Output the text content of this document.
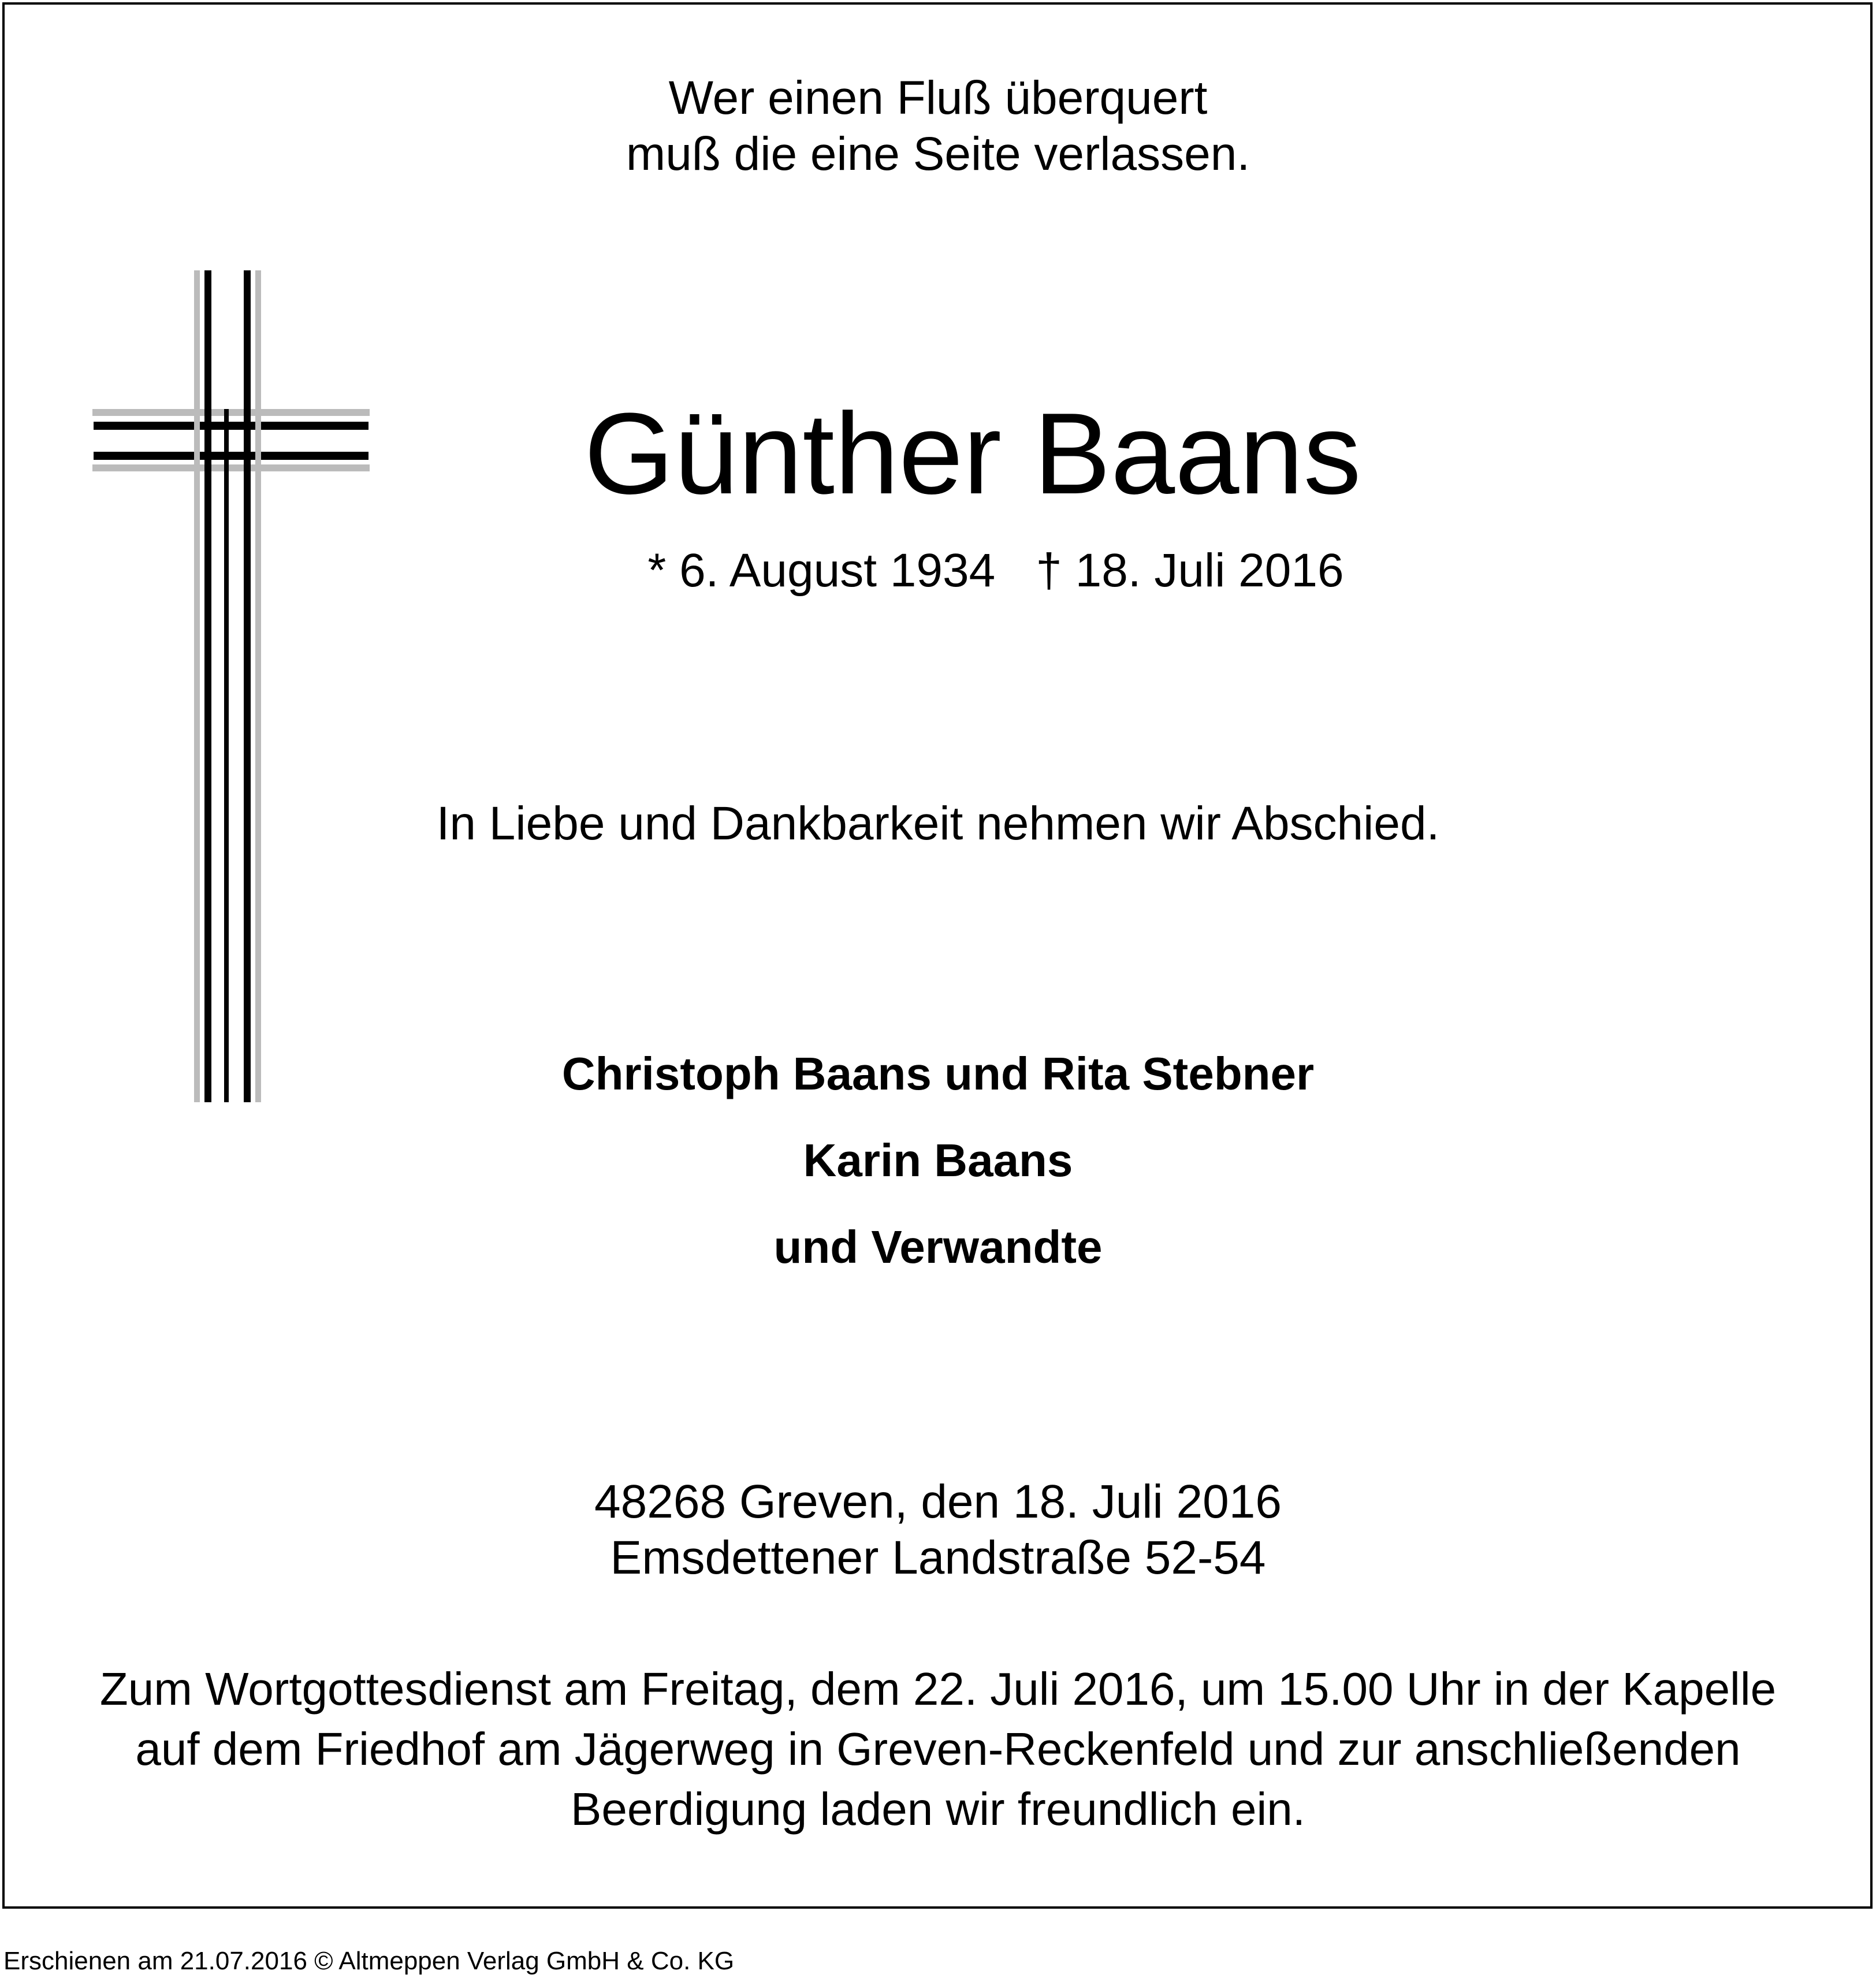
Wer einen Fluß überquert
muß die eine Seite verlassen.
Günther Baans
* 6. August 1934 † 18. Juli 2016
In Liebe und Dankbarkeit nehmen wir Abschied.
Christoph Baans und Rita Stebner
Karin Baans
und Verwandte
48268 Greven, den 18. Juli 2016
Emsdettener Landstraße 52-54
Zum Wortgottesdienst am Freitag, dem 22. Juli 2016, um 15.00 Uhr in der Kapelle
auf dem Friedhof am Jägerweg in Greven-Reckenfeld und zur anschließenden
Beerdigung laden wir freundlich ein.
Erschienen am 21.07.2016 © Altmeppen Verlag GmbH & Co. KG
